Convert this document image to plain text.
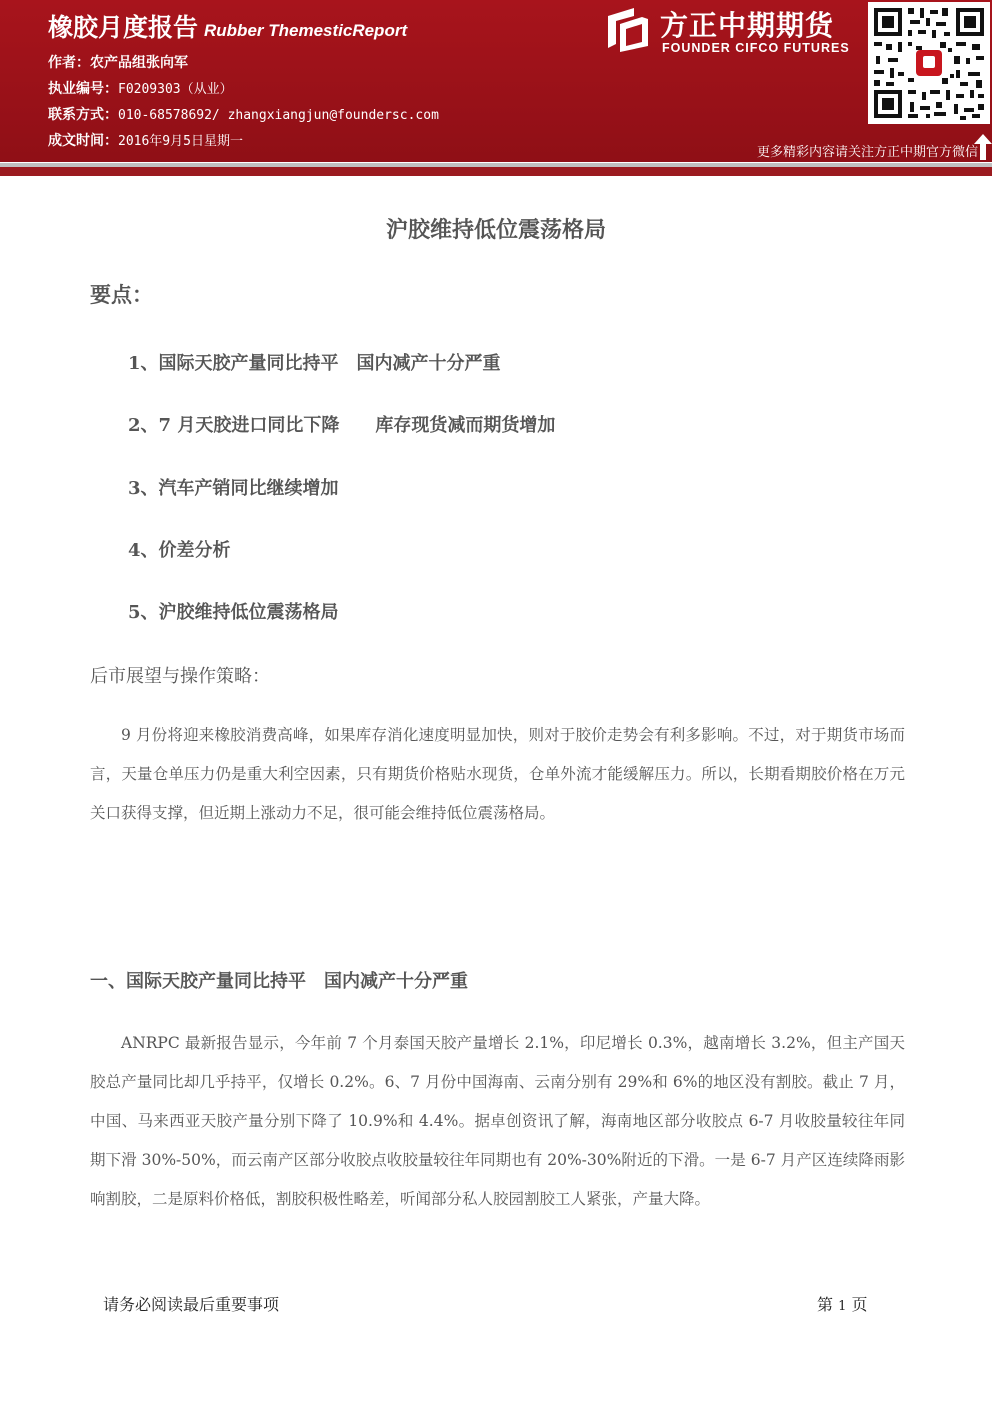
橡胶月度报告 Rubber ThemesticReport
作者：农产品组张向军
执业编号：F0209303（从业）
联系方式：010-68578692/ zhangxiangjun@foundersc.com
成文时间：2016年9月5日星期一
方正中期期货
FOUNDER CIFCO FUTURES
更多精彩内容请关注方正中期官方微信
沪胶维持低位震荡格局
要点：
1、国际天胶产量同比持平　国内减产十分严重
2、7 月天胶进口同比下降　　库存现货减而期货增加
3、汽车产销同比继续增加
4、价差分析
5、沪胶维持低位震荡格局
后市展望与操作策略：
9 月份将迎来橡胶消费高峰，如果库存消化速度明显加快，则对于胶价走势会有利多影响。不过，对于期货市场而言，天量仓单压力仍是重大利空因素，只有期货价格贴水现货，仓单外流才能缓解压力。所以，长期看期胶价格在万元关口获得支撑，但近期上涨动力不足，很可能会维持低位震荡格局。
一、国际天胶产量同比持平　国内减产十分严重
ANRPC 最新报告显示，今年前 7 个月泰国天胶产量增长 2.1%，印尼增长 0.3%，越南增长 3.2%，但主产国天胶总产量同比却几乎持平，仅增长 0.2%。6、7 月份中国海南、云南分别有 29%和 6%的地区没有割胶。截止 7 月，中国、马来西亚天胶产量分别下降了 10.9%和 4.4%。据卓创资讯了解，海南地区部分收胶点 6-7 月收胶量较往年同期下滑 30%-50%，而云南产区部分收胶点收胶量较往年同期也有 20%-30%附近的下滑。一是 6-7 月产区连续降雨影响割胶，二是原料价格低，割胶积极性略差，听闻部分私人胶园割胶工人紧张，产量大降。
请务必阅读最后重要事项	第 1 页
